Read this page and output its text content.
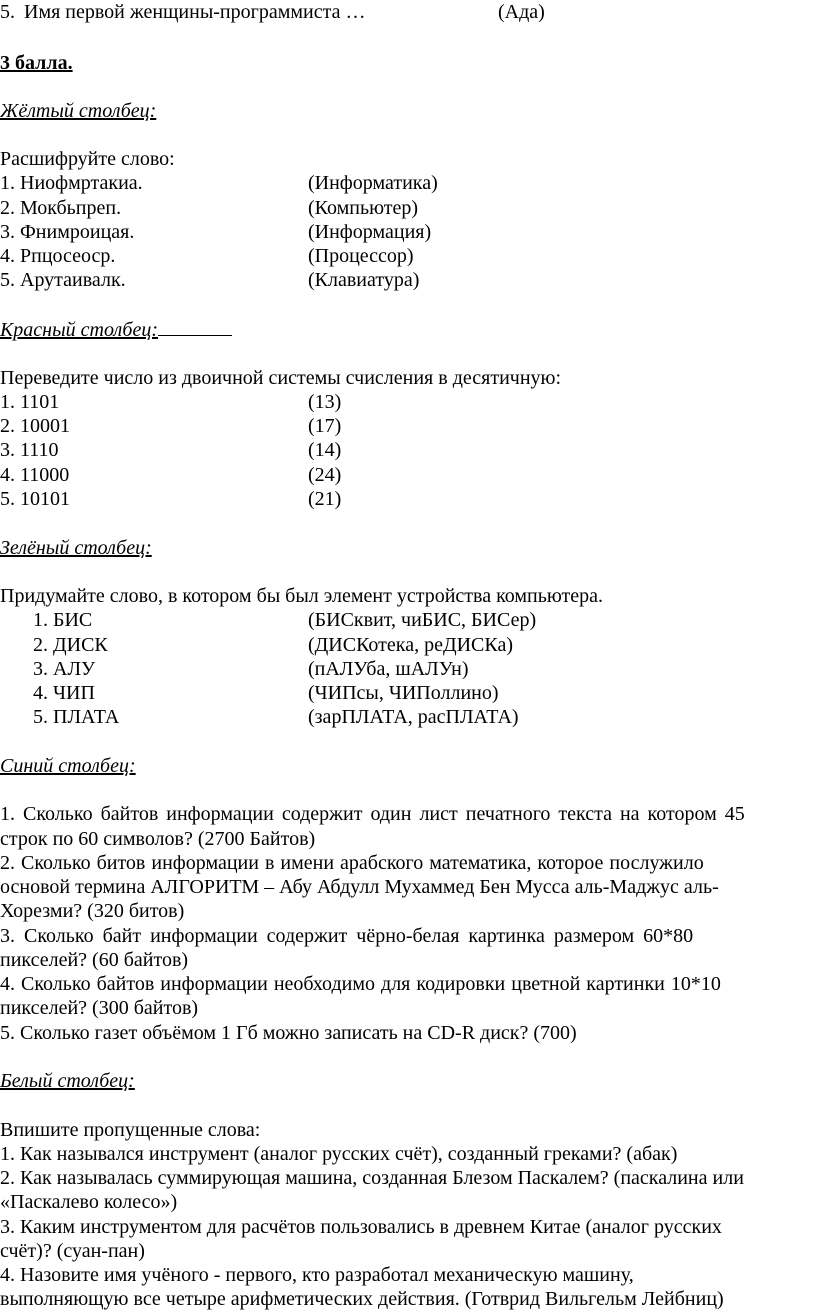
5. Имя первой женщины-программиста …	(Ада)
3 балла.
Жёлтый столбец:
Расшифруйте слово:
1. Ниофмртакиа.	(Информатика)
2. Мокбьпреп.	(Компьютер)
3. Фнимроицая.	(Информация)
4. Рпцосеоср.	(Процессор)
5. Арутаивалк.	(Клавиатура)
Красный столбец:
Переведите число из двоичной системы счисления в десятичную:
1. 1101	(13)
2. 10001	(17)
3. 1110	(14)
4. 11000	(24)
5. 10101	(21)
Зелёный столбец:
Придумайте слово, в котором бы был элемент устройства компьютера.
1. БИС	(БИСквит, чиБИС, БИСер)
2. ДИСК	(ДИСКотека, реДИСКа)
3. АЛУ	(пАЛУба, шАЛУн)
4. ЧИП	(ЧИПсы, ЧИПоллино)
5. ПЛАТА	(зарПЛАТА, расПЛАТА)
Синий столбец:
1. Сколько байтов информации содержит один лист печатного текста на котором 45
строк по 60 символов? (2700 Байтов)
2. Сколько битов информации в имени арабского математика, которое послужило
основой термина АЛГОРИТМ – Абу Абдулл Мухаммед Бен Мусса аль-Маджус аль-
Хорезми? (320 битов)
3. Сколько байт информации содержит чёрно-белая картинка размером 60*80
пикселей? (60 байтов)
4. Сколько байтов информации необходимо для кодировки цветной картинки 10*10
пикселей? (300 байтов)
5. Сколько газет объёмом 1 Гб можно записать на CD-R диск? (700)
Белый столбец:
Впишите пропущенные слова:
1. Как назывался инструмент (аналог русских счёт), созданный греками? (абак)
2. Как называлась суммирующая машина, созданная Блезом Паскалем? (паскалина или
«Паскалево колесо»)
3. Каким инструментом для расчётов пользовались в древнем Китае (аналог русских
счёт)? (суан-пан)
4. Назовите имя учёного - первого, кто разработал механическую машину,
выполняющую все четыре арифметических действия. (Готврид Вильгельм Лейбниц)
